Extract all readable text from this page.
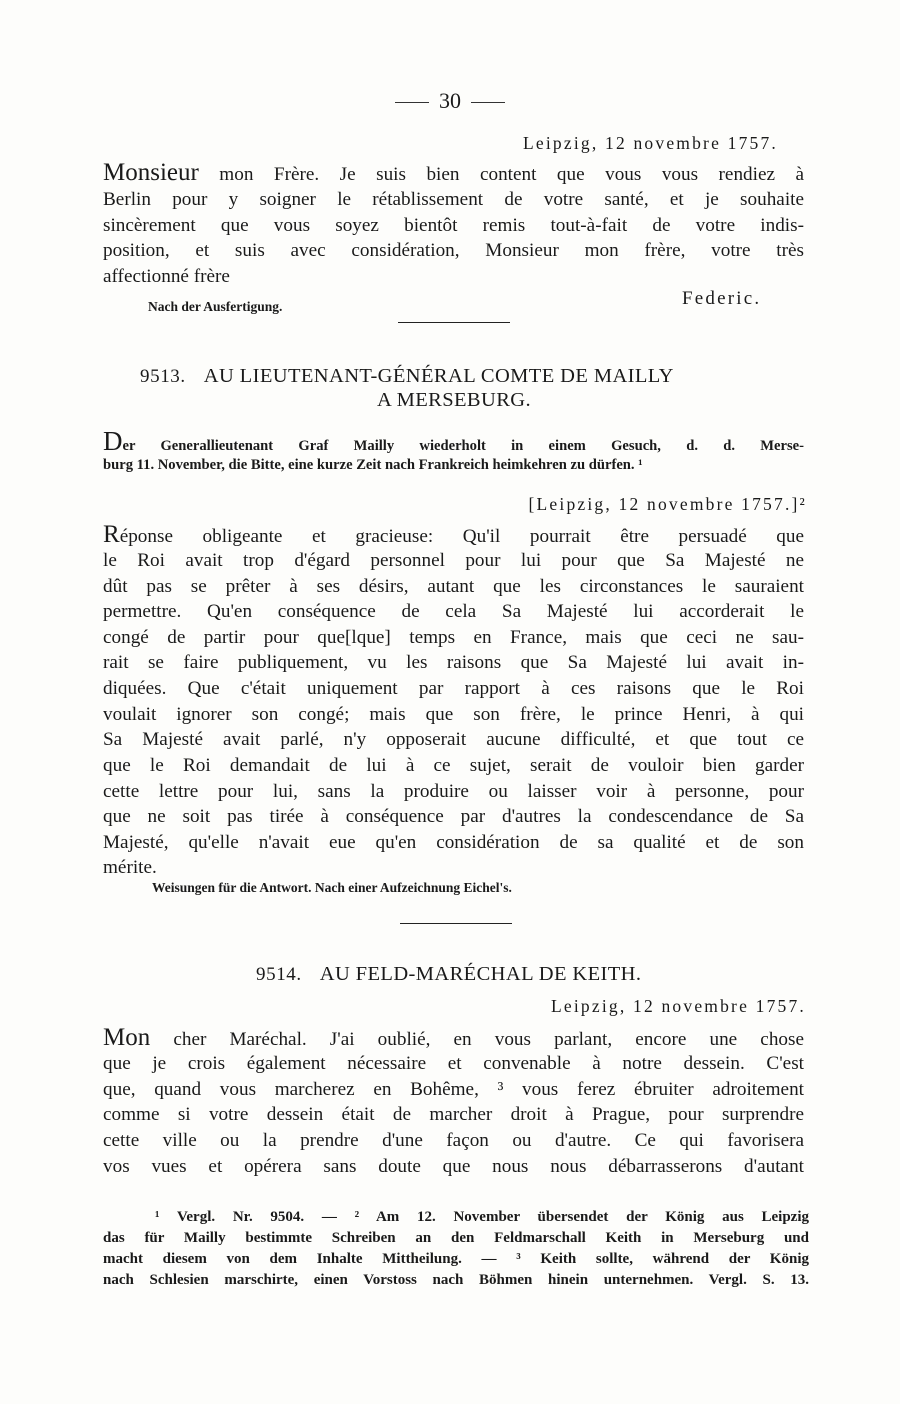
30
Leipzig, 12 novembre 1757.
Monsieur mon Frère. Je suis bien content que vous vous rendiez à
Berlin pour y soigner le rétablissement de votre santé, et je souhaite
sincèrement que vous soyez bientôt remis tout-à-fait de votre indis-
position, et suis avec considération, Monsieur mon frère, votre très
affectionné frère
Nach der Ausfertigung.	Federic.
9513. AU LIEUTENANT-GÉNÉRAL COMTE DE MAILLY
A MERSEBURG.
Der Generallieutenant Graf Mailly wiederholt in einem Gesuch, d. d. Merse-
burg 11. November, die Bitte, eine kurze Zeit nach Frankreich heimkehren zu dürfen. ¹
[Leipzig, 12 novembre 1757.]²
Réponse obligeante et gracieuse: Qu'il pourrait être persuadé que
le Roi avait trop d'égard personnel pour lui pour que Sa Majesté ne
dût pas se prêter à ses désirs, autant que les circonstances le sauraient
permettre. Qu'en conséquence de cela Sa Majesté lui accorderait le
congé de partir pour que[lque] temps en France, mais que ceci ne sau-
rait se faire publiquement, vu les raisons que Sa Majesté lui avait in-
diquées. Que c'était uniquement par rapport à ces raisons que le Roi
voulait ignorer son congé; mais que son frère, le prince Henri, à qui
Sa Majesté avait parlé, n'y opposerait aucune difficulté, et que tout ce
que le Roi demandait de lui à ce sujet, serait de vouloir bien garder
cette lettre pour lui, sans la produire ou laisser voir à personne, pour
que ne soit pas tirée à conséquence par d'autres la condescendance de Sa
Majesté, qu'elle n'avait eue qu'en considération de sa qualité et de son
mérite.
Weisungen für die Antwort. Nach einer Aufzeichnung Eichel's.
9514. AU FELD-MARÉCHAL DE KEITH.
Leipzig, 12 novembre 1757.
Mon cher Maréchal. J'ai oublié, en vous parlant, encore une chose
que je crois également nécessaire et convenable à notre dessein. C'est
que, quand vous marcherez en Bohême, ³ vous ferez ébruiter adroitement
comme si votre dessein était de marcher droit à Prague, pour surprendre
cette ville ou la prendre d'une façon ou d'autre. Ce qui favorisera
vos vues et opérera sans doute que nous nous débarrasserons d'autant
¹ Vergl. Nr. 9504. — ² Am 12. November übersendet der König aus Leipzig
das für Mailly bestimmte Schreiben an den Feldmarschall Keith in Merseburg und
macht diesem von dem Inhalte Mittheilung. — ³ Keith sollte, während der König
nach Schlesien marschirte, einen Vorstoss nach Böhmen hinein unternehmen. Vergl. S. 13.
